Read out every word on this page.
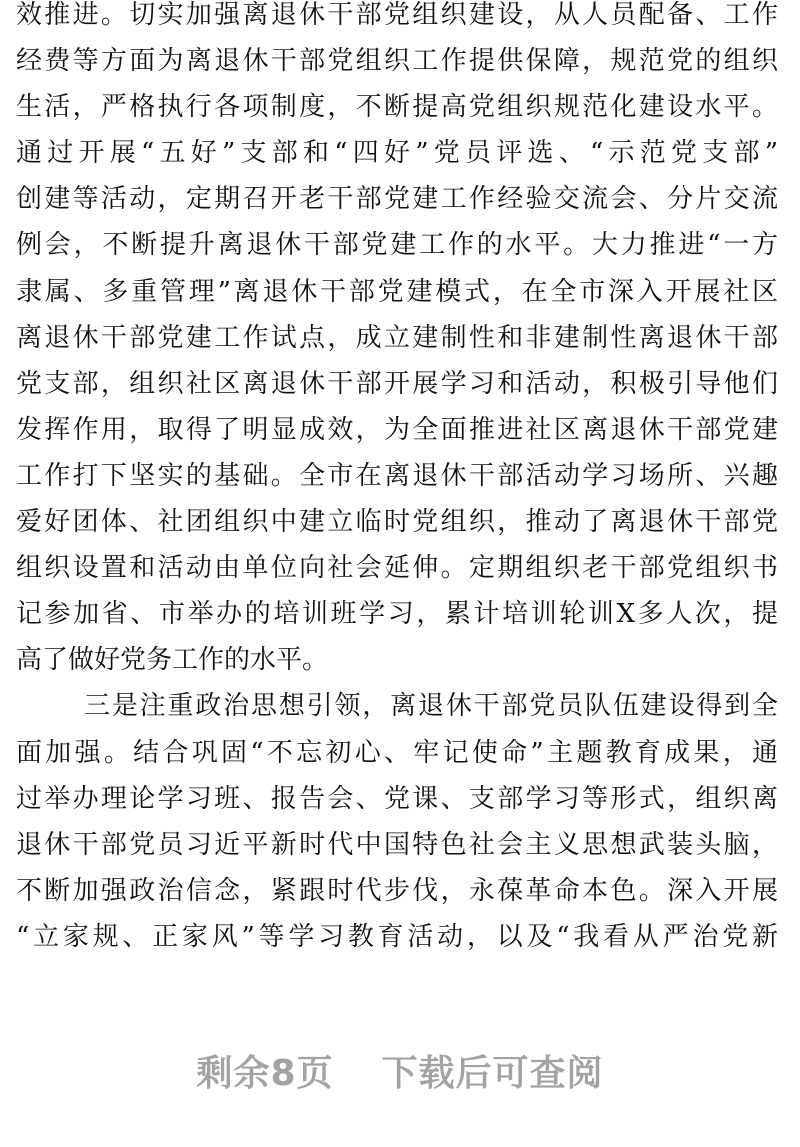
效推进。切实加强离退休干部党组织建设，从人员配备、工作
经费等方面为离退休干部党组织工作提供保障，规范党的组织
生活，严格执行各项制度，不断提高党组织规范化建设水平。
通过开展“五好”支部和“四好”党员评选、“示范党支部”
创建等活动，定期召开老干部党建工作经验交流会、分片交流
例会，不断提升离退休干部党建工作的水平。大力推进“一方
隶属、多重管理”离退休干部党建模式，在全市深入开展社区
离退休干部党建工作试点，成立建制性和非建制性离退休干部
党支部，组织社区离退休干部开展学习和活动，积极引导他们
发挥作用，取得了明显成效，为全面推进社区离退休干部党建
工作打下坚实的基础。全市在离退休干部活动学习场所、兴趣
爱好团体、社团组织中建立临时党组织，推动了离退休干部党
组织设置和活动由单位向社会延伸。定期组织老干部党组织书
记参加省、市举办的培训班学习，累计培训轮训X多人次，提
高了做好党务工作的水平。
三是注重政治思想引领，离退休干部党员队伍建设得到全
面加强。结合巩固“不忘初心、牢记使命”主题教育成果，通
过举办理论学习班、报告会、党课、支部学习等形式，组织离
退休干部党员习近平新时代中国特色社会主义思想武装头脑，
不断加强政治信念，紧跟时代步伐，永葆革命本色。深入开展
“立家规、正家风”等学习教育活动，以及“我看从严治党新
剩余8页 下载后可查阅
